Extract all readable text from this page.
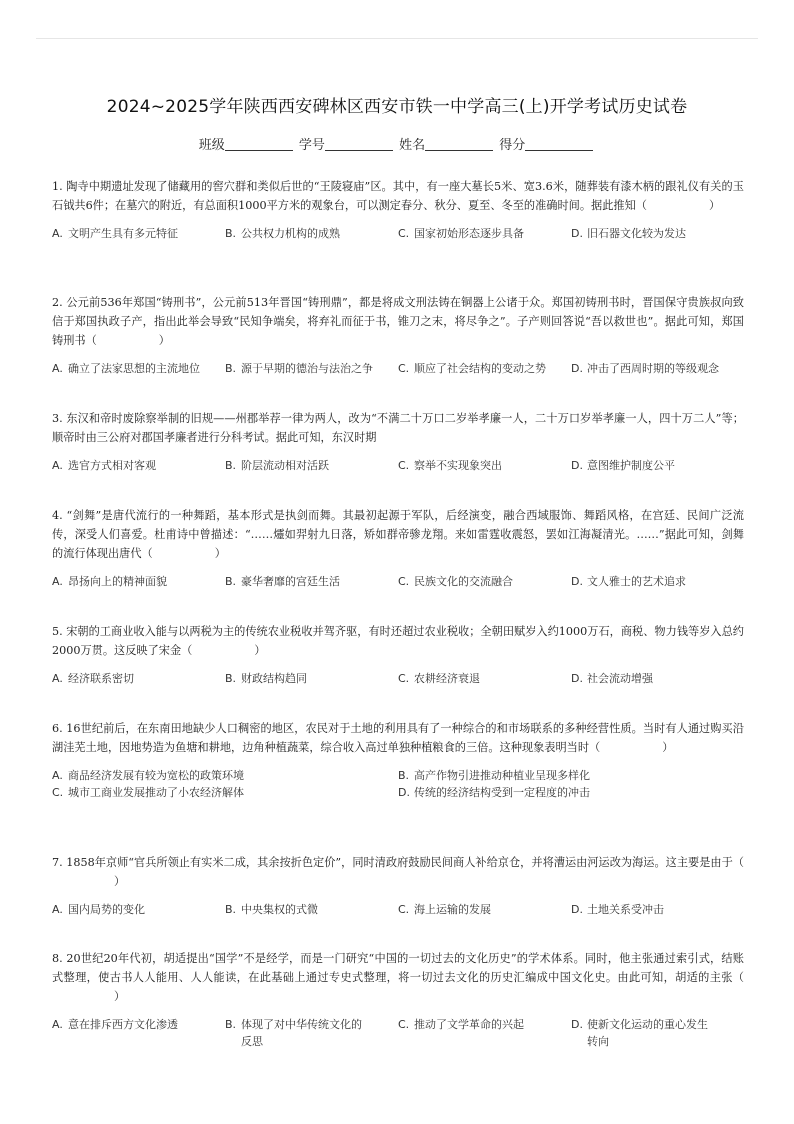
2024~2025学年陕西西安碑林区西安市铁一中学高三(上)开学考试历史试卷
班级	学号	姓名	得分
1. 陶寺中期遗址发现了储藏用的窖穴群和类似后世的“王陵寝庙”区。其中，有一座大墓长5米、宽3.6米，随葬装有漆木柄的跟礼仪有关的玉石钺共6件；在墓穴的附近，有总面积1000平方米的观象台，可以测定春分、秋分、夏至、冬至的准确时间。据此推知（	）
A. 文明产生具有多元特征	B. 公共权力机构的成熟	C. 国家初始形态逐步具备	D. 旧石器文化较为发达
2. 公元前536年郑国“铸刑书”，公元前513年晋国“铸刑鼎”，都是将成文刑法铸在铜器上公诸于众。郑国初铸刑书时，晋国保守贵族叔向致信于郑国执政子产，指出此举会导致“民知争端矣，将弃礼而征于书，锥刀之末，将尽争之”。子产则回答说“吾以救世也”。据此可知，郑国铸刑书（	）
A. 确立了法家思想的主流地位	B. 源于早期的德治与法治之争	C. 顺应了社会结构的变动之势	D. 冲击了西周时期的等级观念
3. 东汉和帝时废除察举制的旧规——州郡举荐一律为两人，改为“不满二十万口二岁举孝廉一人，二十万口岁举孝廉一人，四十万二人”等；顺帝时由三公府对郡国孝廉者进行分科考试。据此可知，东汉时期
A. 选官方式相对客观	B. 阶层流动相对活跃	C. 察举不实现象突出	D. 意图维护制度公平
4. “剑舞”是唐代流行的一种舞蹈，基本形式是执剑而舞。其最初起源于军队，后经演变，融合西域服饰、舞蹈风格，在宫廷、民间广泛流传，深受人们喜爱。杜甫诗中曾描述：“……爧如羿射九日落，矫如群帝骖龙翔。来如雷霆收震怒，罢如江海凝清光。……”据此可知，剑舞的流行体现出唐代（	）
A. 昂扬向上的精神面貌	B. 豪华奢靡的宫廷生活	C. 民族文化的交流融合	D. 文人雅士的艺术追求
5. 宋朝的工商业收入能与以两税为主的传统农业税收并驾齐驱，有时还超过农业税收；全朝田赋岁入约1000万石，商税、物力钱等岁入总约2000万贯。这反映了宋金（	）
A. 经济联系密切	B. 财政结构趋同	C. 农耕经济衰退	D. 社会流动增强
6. 16世纪前后，在东南田地缺少人口稠密的地区，农民对于土地的利用具有了一种综合的和市场联系的多种经营性质。当时有人通过购买沿湖洼芜土地，因地势造为鱼塘和耕地，边角种植蔬菜，综合收入高过单独种植粮食的三倍。这种现象表明当时（	）
A. 商品经济发展有较为宽松的政策环境	B. 高产作物引进推动种植业呈现多样化
C. 城市工商业发展推动了小农经济解体	D. 传统的经济结构受到一定程度的冲击
7. 1858年京师“官兵所领止有实米二成，其余按折色定价”，同时清政府鼓励民间商人补给京仓，并将漕运由河运改为海运。这主要是由于（）
A. 国内局势的变化	B. 中央集权的式微	C. 海上运输的发展	D. 土地关系受冲击
8. 20世纪20年代初，胡适提出“国学”不是经学，而是一门研究“中国的一切过去的文化历史”的学术体系。同时，他主张通过索引式，结账式整理，使古书人人能用、人人能读，在此基础上通过专史式整理，将一切过去文化的历史汇编成中国文化史。由此可知，胡适的主张（）
A. 意在排斥西方文化渗透	B. 体现了对中华传统文化的反思
C. 推动了文学革命的兴起	D. 使新文化运动的重心发生转向
